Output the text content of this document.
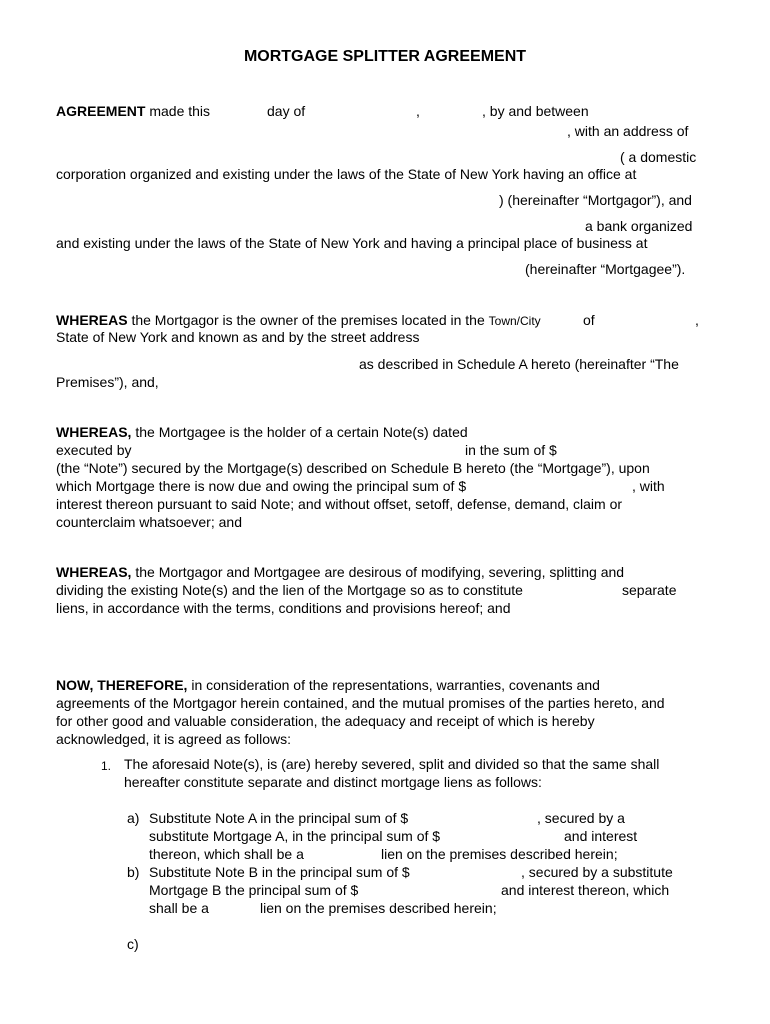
MORTGAGE SPLITTER AGREEMENT
AGREEMENT made this	day of	,	, by and between
, with an address of
( a domestic
corporation organized and existing under the laws of the State of New York having an office at
) (hereinafter “Mortgagor”), and
a bank organized
and existing under the laws of the State of New York and having a principal place of business at
(hereinafter “Mortgagee”).
WHEREAS the Mortgagor is the owner of the premises located in the Town/City	of	,
State of New York and known as and by the street address
as described in Schedule A hereto (hereinafter “The
Premises”), and,
WHEREAS, the Mortgagee is the holder of a certain Note(s) dated
executed by	in the sum of $
(the “Note”) secured by the Mortgage(s) described on Schedule B hereto (the “Mortgage”), upon
which Mortgage there is now due and owing the principal sum of $	, with
interest thereon pursuant to said Note; and without offset, setoff, defense, demand, claim or
counterclaim whatsoever; and
WHEREAS, the Mortgagor and Mortgagee are desirous of modifying, severing, splitting and
dividing the existing Note(s) and the lien of the Mortgage so as to constitute	separate
liens, in accordance with the terms, conditions and provisions hereof; and
NOW, THEREFORE, in consideration of the representations, warranties, covenants and
agreements of the Mortgagor herein contained, and the mutual promises of the parties hereto, and
for other good and valuable consideration, the adequacy and receipt of which is hereby
acknowledged, it is agreed as follows:
1. The aforesaid Note(s), is (are) hereby severed, split and divided so that the same shall
hereafter constitute separate and distinct mortgage liens as follows:
a) Substitute Note A in the principal sum of $	, secured by a
substitute Mortgage A, in the principal sum of $	and interest
thereon, which shall be a	lien on the premises described herein;
b) Substitute Note B in the principal sum of $	, secured by a substitute
Mortgage B the principal sum of $	and interest thereon, which
shall be a	lien on the premises described herein;
c)
